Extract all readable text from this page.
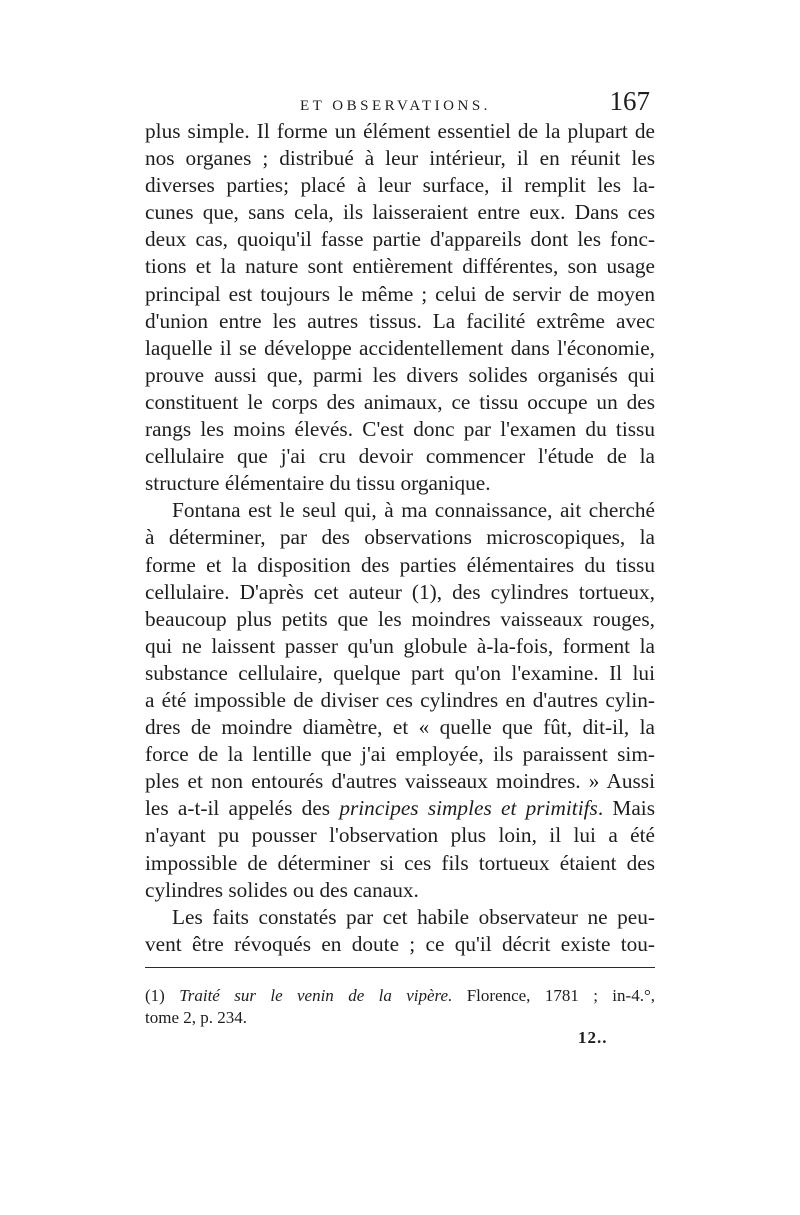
ET OBSERVATIONS.	167
plus simple. Il forme un élément essentiel de la plupart de
nos organes ; distribué à leur intérieur, il en réunit les
diverses parties; placé à leur surface, il remplit les la-
cunes que, sans cela, ils laisseraient entre eux. Dans ces
deux cas, quoiqu'il fasse partie d'appareils dont les fonc-
tions et la nature sont entièrement différentes, son usage
principal est toujours le même ; celui de servir de moyen
d'union entre les autres tissus. La facilité extrême avec
laquelle il se développe accidentellement dans l'économie,
prouve aussi que, parmi les divers solides organisés qui
constituent le corps des animaux, ce tissu occupe un des
rangs les moins élevés. C'est donc par l'examen du tissu
cellulaire que j'ai cru devoir commencer l'étude de la
structure élémentaire du tissu organique.
Fontana est le seul qui, à ma connaissance, ait cherché
à déterminer, par des observations microscopiques, la
forme et la disposition des parties élémentaires du tissu
cellulaire. D'après cet auteur (1), des cylindres tortueux,
beaucoup plus petits que les moindres vaisseaux rouges,
qui ne laissent passer qu'un globule à-la-fois, forment la
substance cellulaire, quelque part qu'on l'examine. Il lui
a été impossible de diviser ces cylindres en d'autres cylin-
dres de moindre diamètre, et « quelle que fût, dit-il, la
force de la lentille que j'ai employée, ils paraissent sim-
ples et non entourés d'autres vaisseaux moindres. » Aussi
les a-t-il appelés des principes simples et primitifs. Mais
n'ayant pu pousser l'observation plus loin, il lui a été
impossible de déterminer si ces fils tortueux étaient des
cylindres solides ou des canaux.
Les faits constatés par cet habile observateur ne peu-
vent être révoqués en doute ; ce qu'il décrit existe tou-
(1) Traité sur le venin de la vipère. Florence, 1781 ; in-4.°,
tome 2, p. 234.
12..
